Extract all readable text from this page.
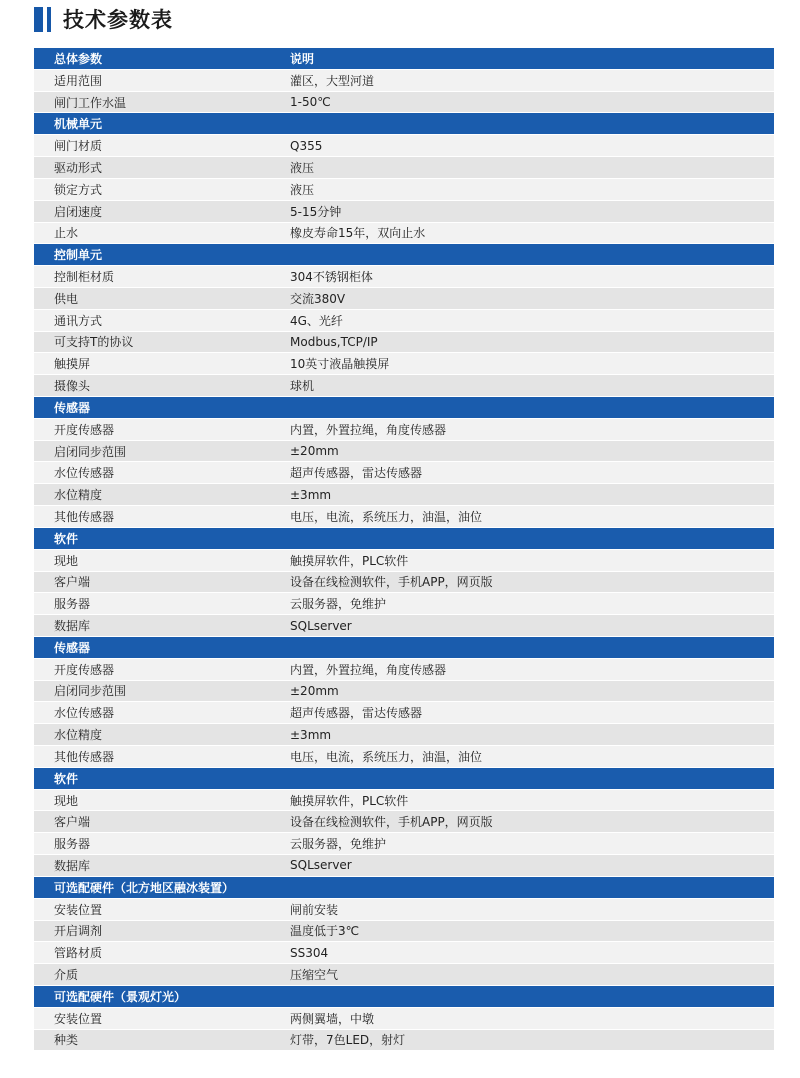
技术参数表
总体参数	说明
适用范围	灌区，大型河道
闸门工作水温	1-50℃
机械单元
闸门材质	Q355
驱动形式	液压
锁定方式	液压
启闭速度	5-15分钟
止水	橡皮寿命15年，双向止水
控制单元
控制柜材质	304不锈钢柜体
供电	交流380V
通讯方式	4G、光纤
可支持T的协议	Modbus,TCP/IP
触摸屏	10英寸液晶触摸屏
摄像头	球机
传感器
开度传感器	内置，外置拉绳，角度传感器
启闭同步范围	±20mm
水位传感器	超声传感器，雷达传感器
水位精度	±3mm
其他传感器	电压，电流，系统压力，油温，油位
软件
现地	触摸屏软件，PLC软件
客户端	设备在线检测软件，手机APP，网页版
服务器	云服务器，免维护
数据库	SQLserver
传感器
开度传感器	内置，外置拉绳，角度传感器
启闭同步范围	±20mm
水位传感器	超声传感器，雷达传感器
水位精度	±3mm
其他传感器	电压，电流，系统压力，油温，油位
软件
现地	触摸屏软件，PLC软件
客户端	设备在线检测软件，手机APP，网页版
服务器	云服务器，免维护
数据库	SQLserver
可选配硬件（北方地区融冰装置）
安装位置	闸前安装
开启调剂	温度低于3℃
管路材质	SS304
介质	压缩空气
可选配硬件（景观灯光）
安装位置	两侧翼墙，中墩
种类	灯带，7色LED，射灯
